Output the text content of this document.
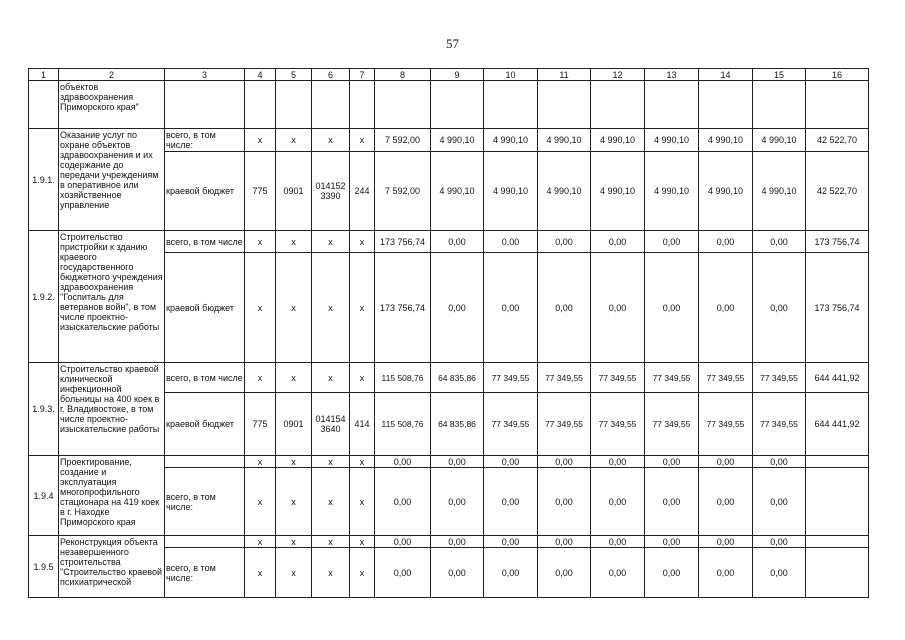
57
1	2	3	4	5	6	7	8	9	10	11	12	13	14	15	16
	объектов здравоохранения Приморского края"														
1.9.1.	Оказание услуг по охране объектов здравоохранения и их содержание до передачи учреждениям в оперативное или хозяйственное управление	всего, в том числе:	х	х	х	х	7 592,00	4 990,10	4 990,10	4 990,10	4 990,10	4 990,10	4 990,10	4 990,10	42 522,70
		краевой бюджет	775	0901	014152 3390	244	7 592,00	4 990,10	4 990,10	4 990,10	4 990,10	4 990,10	4 990,10	4 990,10	42 522,70
1.9.2.	Строительство пристройки к зданию краевого государственного бюджетного учреждения здравоохранения "Госпиталь для ветеранов войн", в том числе проектно-изыскательские работы	всего, в том числе	х	х	х	х	173 756,74	0,00	0,00	0,00	0,00	0,00	0,00	0,00	173 756,74
		краевой бюджет	х	х	х	х	173 756,74	0,00	0,00	0,00	0,00	0,00	0,00	0,00	173 756,74
1.9.3.	Строительство краевой клинической инфекционной больницы на 400 коек в г. Владивостоке, в том числе проектно-изыскательские работы	всего, в том числе	х	х	х	х	115 508,76	64 835,86	77 349,55	77 349,55	77 349,55	77 349,55	77 349,55	77 349,55	644 441,92
		краевой бюджет	775	0901	014154 3640	414	115 508,76	64 835,86	77 349,55	77 349,55	77 349,55	77 349,55	77 349,55	77 349,55	644 441,92
1.9.4	Проектирование, создание и эксплуатация многопрофильного стационара на 419 коек в г. Находке Приморского края		х	х	х	х	0,00	0,00	0,00	0,00	0,00	0,00	0,00	0,00	
		всего, в том числе:	х	х	х	х	0,00	0,00	0,00	0,00	0,00	0,00	0,00	0,00	
1.9.5	Реконструкция объекта незавершенного строительства "Строительство краевой психиатрической		х	х	х	х	0,00	0,00	0,00	0,00	0,00	0,00	0,00	0,00	
		всего, в том числе:	х	х	х	х	0,00	0,00	0,00	0,00	0,00	0,00	0,00	0,00	
